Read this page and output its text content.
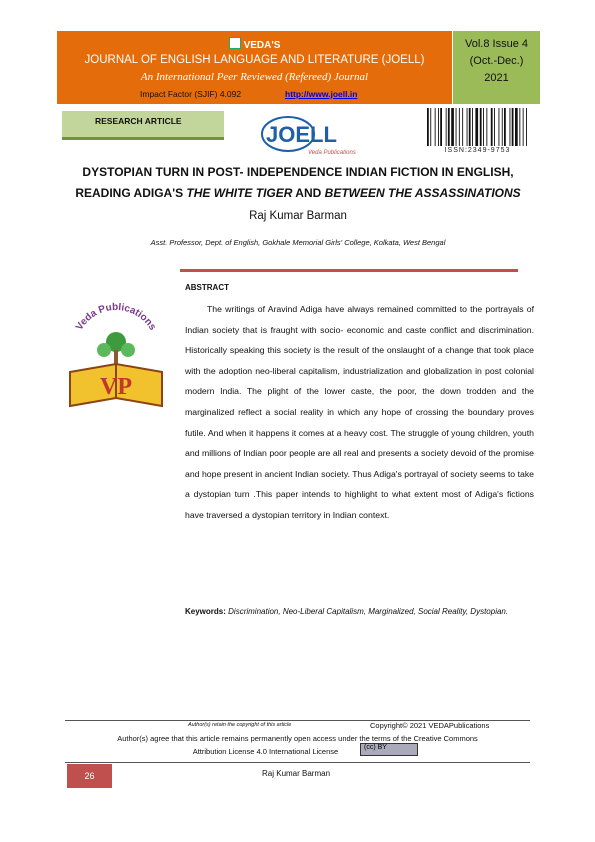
VEDA'S
JOURNAL OF ENGLISH LANGUAGE AND LITERATURE (JOELL)
An International Peer Reviewed (Refereed) Journal
Impact Factor (SJIF) 4.092	http://www.joell.in
Vol.8 Issue 4
(Oct.-Dec.)
2021
RESEARCH ARTICLE
JOELL
Veda Publications	ISSN:2349-9753
DYSTOPIAN TURN IN POST- INDEPENDENCE INDIAN FICTION IN ENGLISH,
READING ADIGA'S THE WHITE TIGER AND BETWEEN THE ASSASSINATIONS
Raj Kumar Barman
Asst. Professor, Dept. of English, Gokhale Memorial Girls' College, Kolkata, West Bengal
Veda Publications
VP
ABSTRACT
The writings of Aravind Adiga have always remained committed to the portrayals of Indian society that is fraught with socio- economic and caste conflict and discrimination. Historically speaking this society is the result of the onslaught of a change that took place with the adoption neo-liberal capitalism, industrialization and globalization in post colonial modern India. The plight of the lower caste, the poor, the down trodden and the marginalized reflect a social reality in which any hope of crossing the boundary proves futile. And when it happens it comes at a heavy cost. The struggle of young children, youth and millions of Indian poor people are all real and presents a society devoid of the promise and hope present in ancient Indian society. Thus Adiga's portrayal of society seems to take a dystopian turn .This paper intends to highlight to what extent most of Adiga's fictions have traversed a dystopian territory in Indian context.
Keywords: Discrimination, Neo-Liberal Capitalism, Marginalized, Social Reality, Dystopian.
Author(s) retain the copyright of this article	Copyright© 2021 VEDAPublications
Author(s) agree that this article remains permanently open access under the terms of the Creative Commons
Attribution License 4.0 International License	(cc) BY
26	Raj Kumar Barman
